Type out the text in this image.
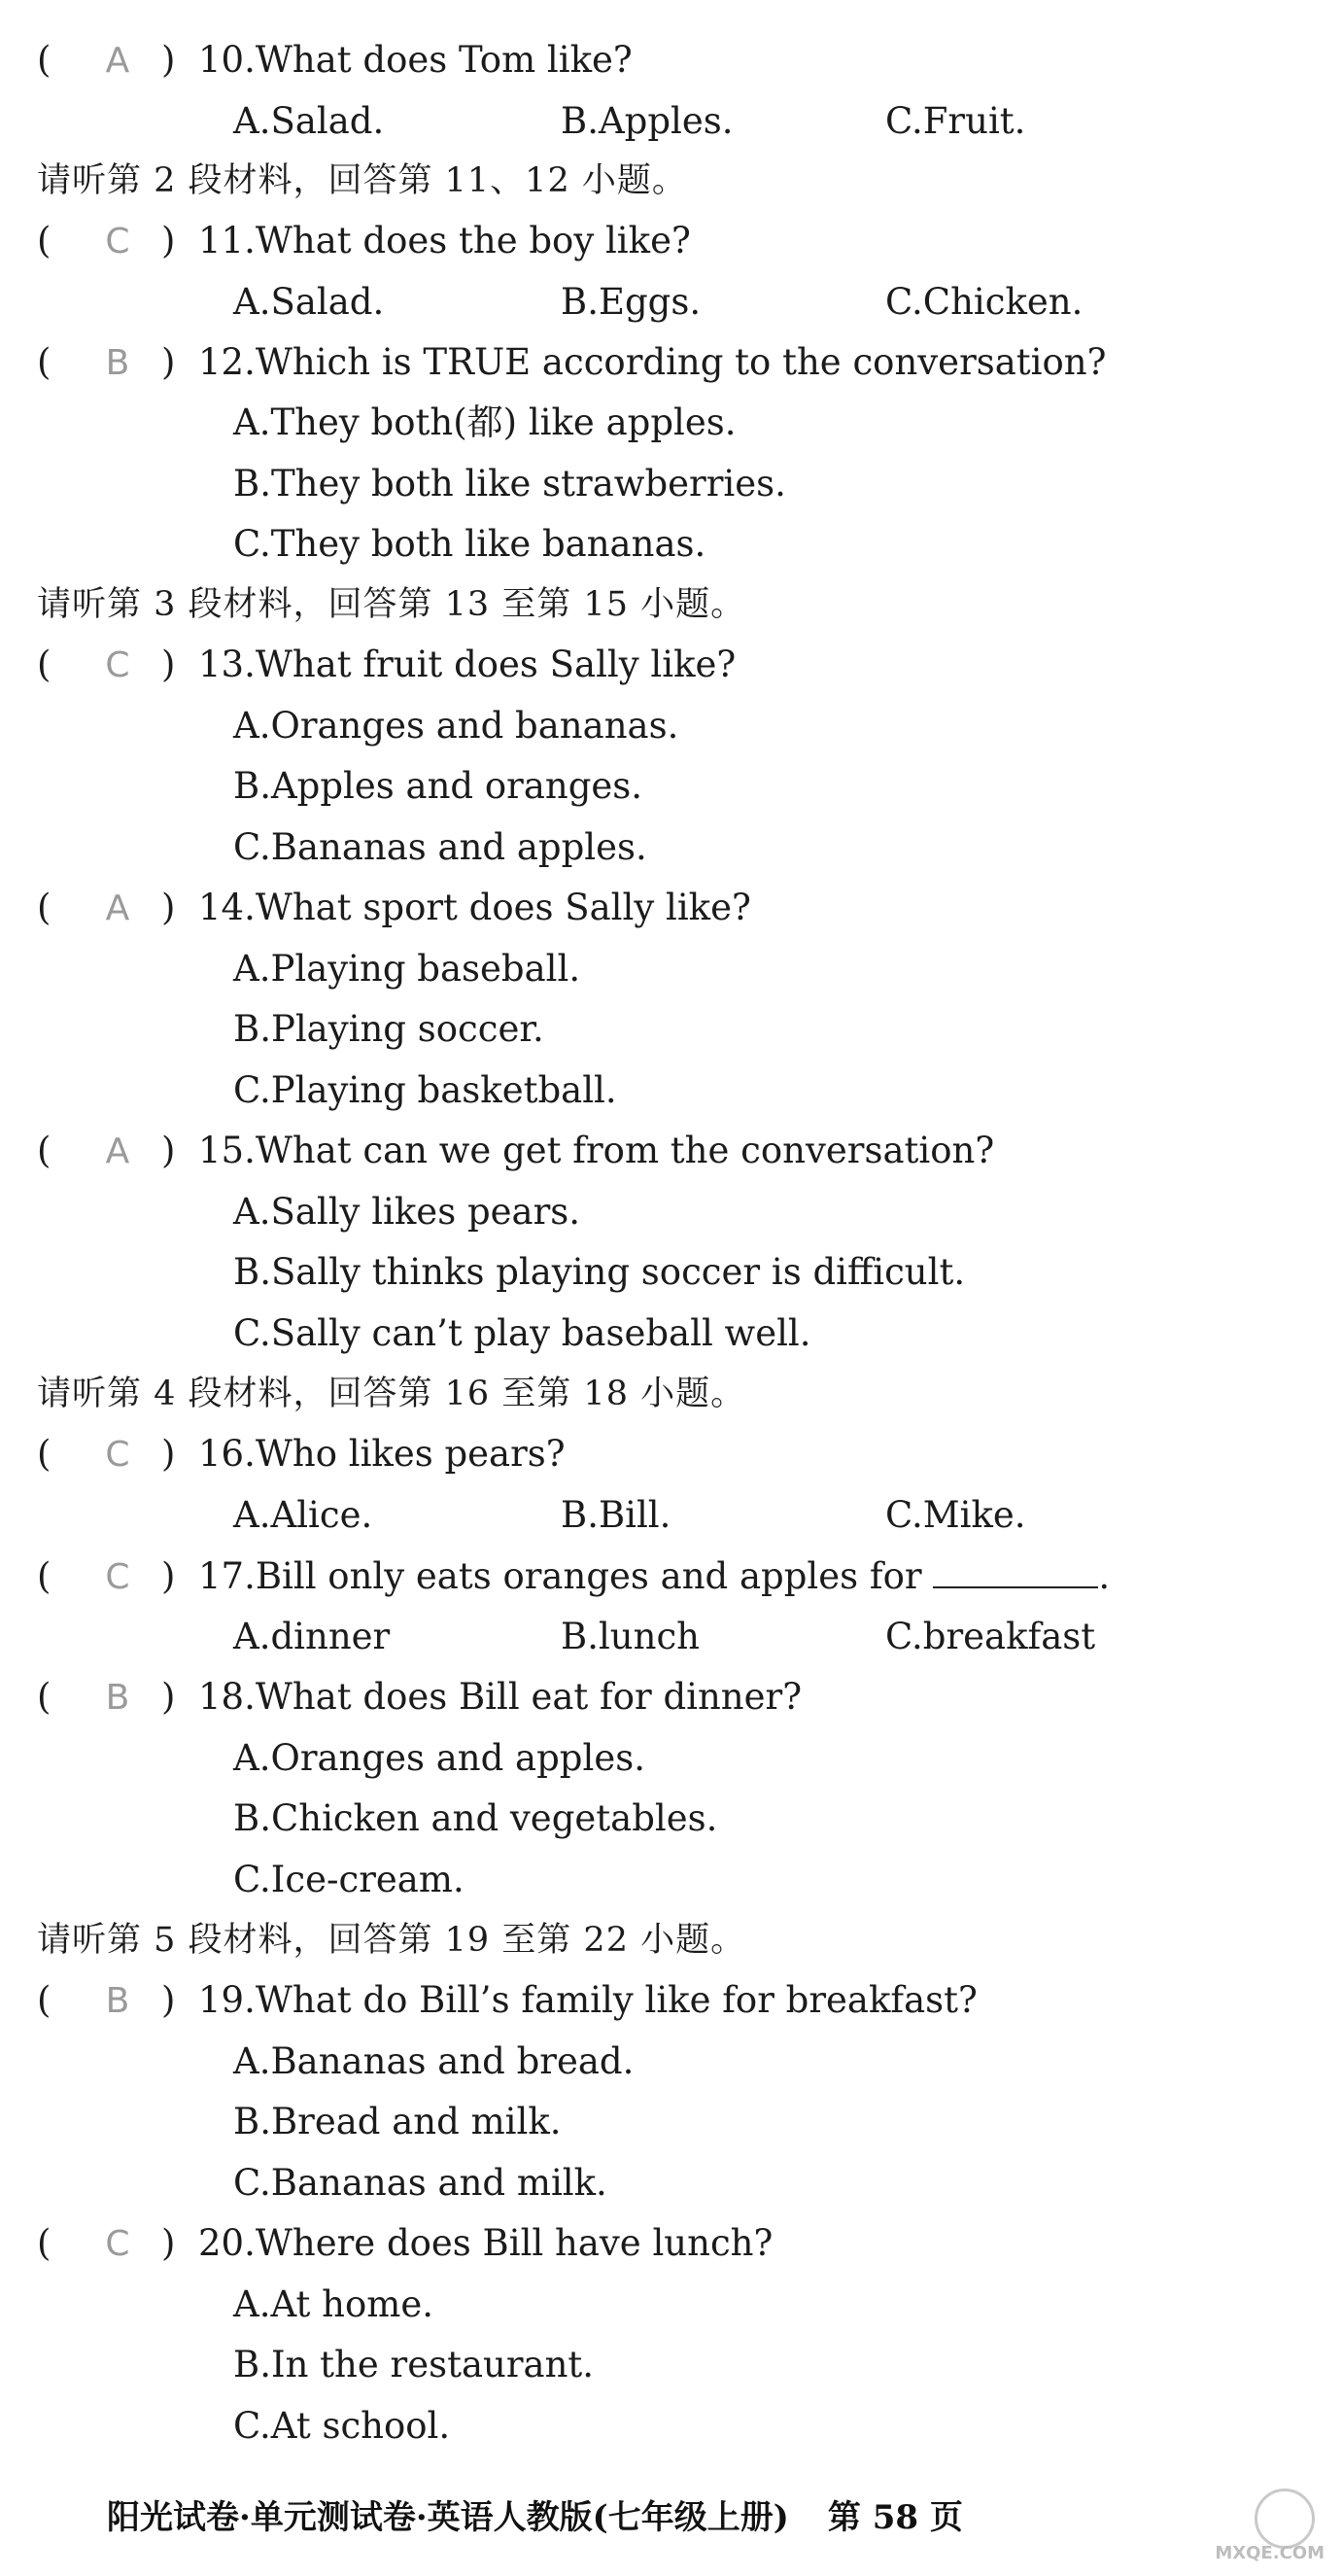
( A ) 10.What does Tom like?
A.Salad.	B.Apples.	C.Fruit.
请听第 2 段材料，回答第 11、12 小题。
( C ) 11.What does the boy like?
A.Salad.	B.Eggs.	C.Chicken.
( B ) 12.Which is TRUE according to the conversation?
A.They both(都) like apples.
B.They both like strawberries.
C.They both like bananas.
请听第 3 段材料，回答第 13 至第 15 小题。
( C ) 13.What fruit does Sally like?
A.Oranges and bananas.
B.Apples and oranges.
C.Bananas and apples.
( A ) 14.What sport does Sally like?
A.Playing baseball.
B.Playing soccer.
C.Playing basketball.
( A ) 15.What can we get from the conversation?
A.Sally likes pears.
B.Sally thinks playing soccer is difficult.
C.Sally can’t play baseball well.
请听第 4 段材料，回答第 16 至第 18 小题。
( C ) 16.Who likes pears?
A.Alice.	B.Bill.	C.Mike.
( C ) 17.Bill only eats oranges and apples for	.
A.dinner	B.lunch	C.breakfast
( B ) 18.What does Bill eat for dinner?
A.Oranges and apples.
B.Chicken and vegetables.
C.Ice-cream.
请听第 5 段材料，回答第 19 至第 22 小题。
( B ) 19.What do Bill’s family like for breakfast?
A.Bananas and bread.
B.Bread and milk.
C.Bananas and milk.
( C ) 20.Where does Bill have lunch?
A.At home.
B.In the restaurant.
C.At school.
阳光试卷·单元测试卷·英语人教版(七年级上册) 第 58 页
MXQE.COM
